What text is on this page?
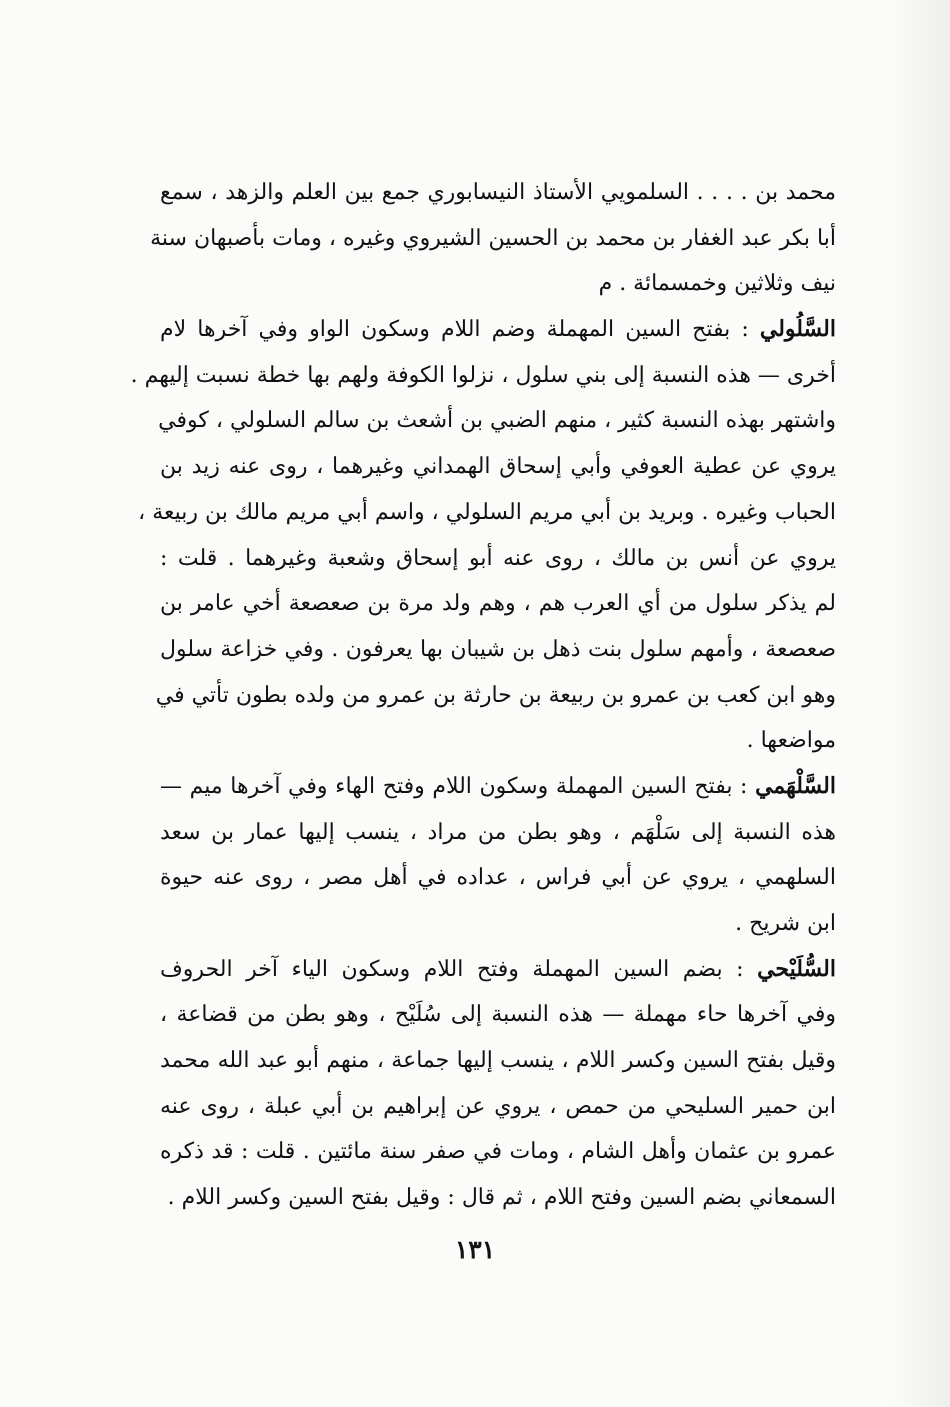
محمد بن . . . . السلمويي الأستاذ النيسابوري جمع بين العلم والزهد ، سمع
أبا بكر عبد الغفار بن محمد بن الحسين الشيروي وغيره ، ومات بأصبهان سنة
نيف وثلاثين وخمسمائة . م
السَّلُولي : بفتح السين المهملة وضم اللام وسكون الواو وفي آخرها لام
أخرى — هذه النسبة إلى بني سلول ، نزلوا الكوفة ولهم بها خطة نسبت إليهم .
واشتهر بهذه النسبة كثير ، منهم الضبي بن أشعث بن سالم السلولي ، كوفي
يروي عن عطية العوفي وأبي إسحاق الهمداني وغيرهما ، روى عنه زيد بن
الحباب وغيره . وبريد بن أبي مريم السلولي ، واسم أبي مريم مالك بن ربيعة ،
يروي عن أنس بن مالك ، روى عنه أبو إسحاق وشعبة وغيرهما . قلت :
لم يذكر سلول من أي العرب هم ، وهم ولد مرة بن صعصعة أخي عامر بن
صعصعة ، وأمهم سلول بنت ذهل بن شيبان بها يعرفون . وفي خزاعة سلول
وهو ابن كعب بن عمرو بن ربيعة بن حارثة بن عمرو من ولده بطون تأتي في
مواضعها .
السَّلْهَمي : بفتح السين المهملة وسكون اللام وفتح الهاء وفي آخرها ميم —
هذه النسبة إلى سَلْهَم ، وهو بطن من مراد ، ينسب إليها عمار بن سعد
السلهمي ، يروي عن أبي فراس ، عداده في أهل مصر ، روى عنه حيوة
ابن شريح .
السُّلَيْحي : بضم السين المهملة وفتح اللام وسكون الياء آخر الحروف
وفي آخرها حاء مهملة — هذه النسبة إلى سُلَيْح ، وهو بطن من قضاعة ،
وقيل بفتح السين وكسر اللام ، ينسب إليها جماعة ، منهم أبو عبد الله محمد
ابن حمير السليحي من حمص ، يروي عن إبراهيم بن أبي عبلة ، روى عنه
عمرو بن عثمان وأهل الشام ، ومات في صفر سنة مائتين . قلت : قد ذكره
السمعاني بضم السين وفتح اللام ، ثم قال : وقيل بفتح السين وكسر اللام .
١٣١
